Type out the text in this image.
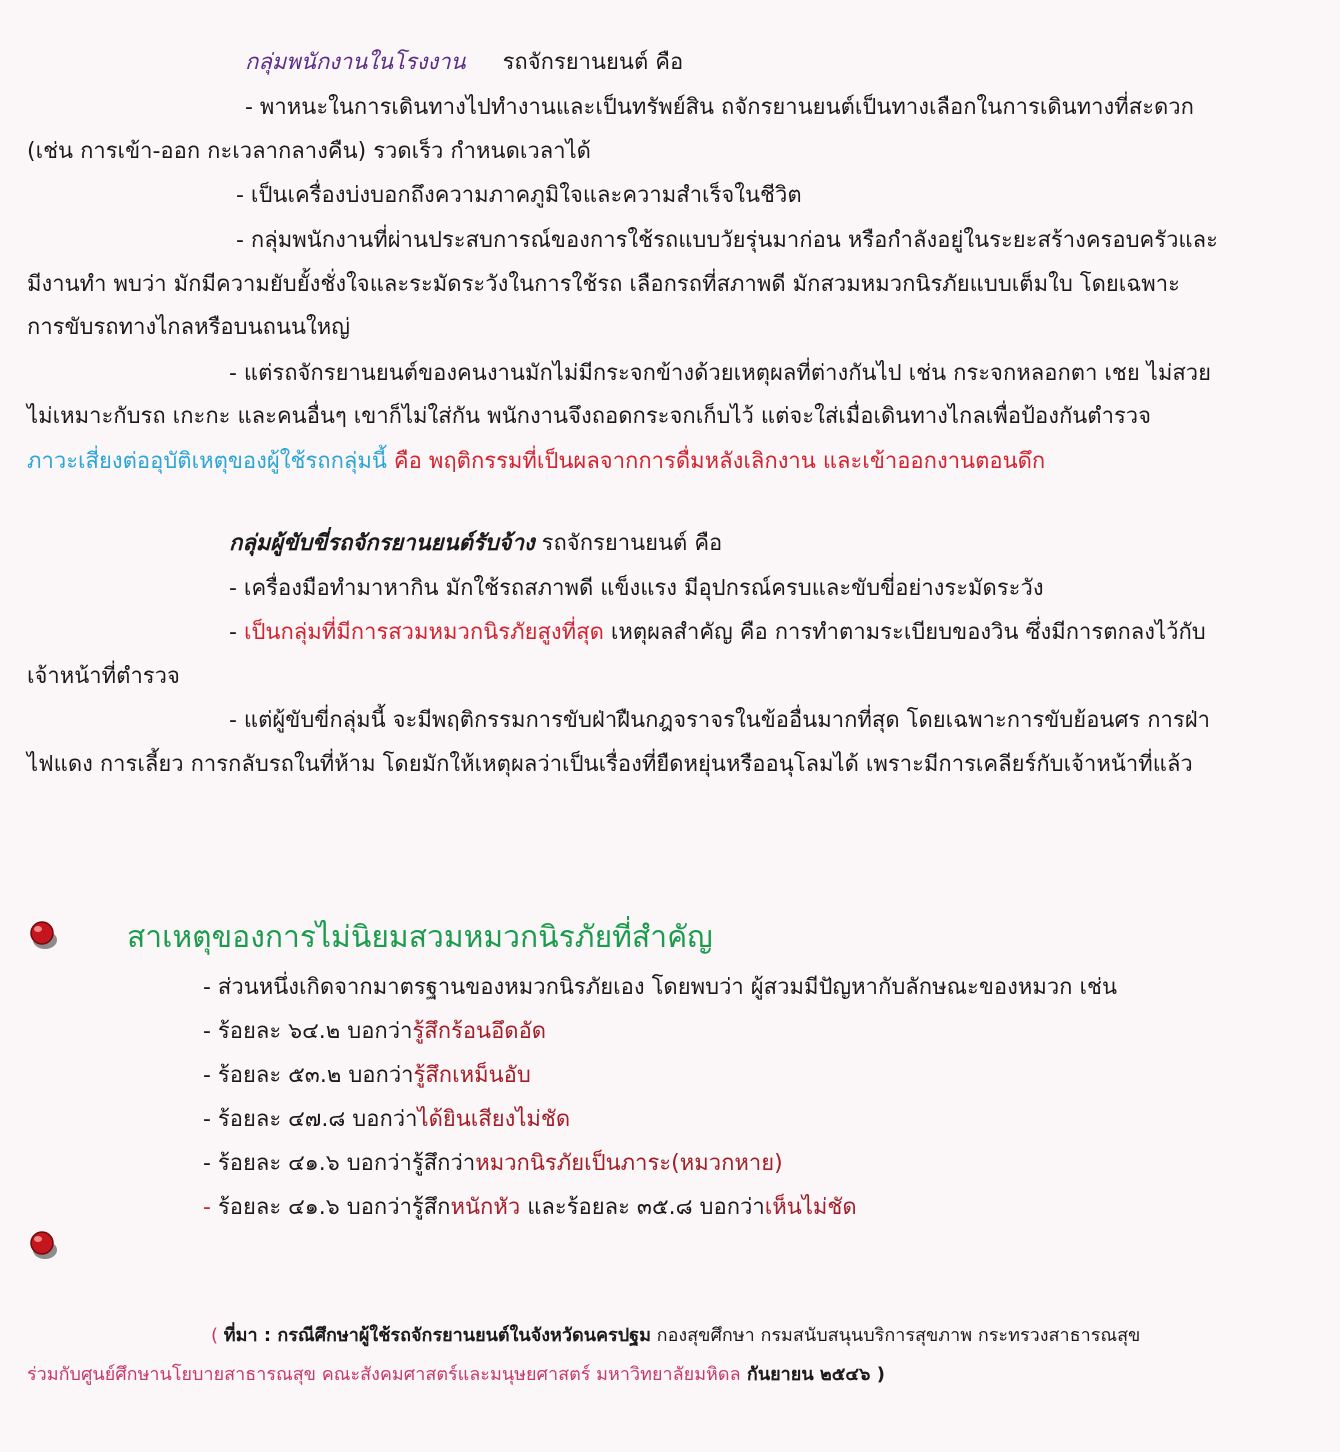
กลุ่มพนักงานในโรงงาน รถจักรยานยนต์ คือ
- พาหนะในการเดินทางไปทำงานและเป็นทรัพย์สิน ถจักรยานยนต์เป็นทางเลือกในการเดินทางที่สะดวก
(เช่น การเข้า-ออก กะเวลากลางคืน) รวดเร็ว กำหนดเวลาได้
- เป็นเครื่องบ่งบอกถึงความภาคภูมิใจและความสำเร็จในชีวิต
- กลุ่มพนักงานที่ผ่านประสบการณ์ของการใช้รถแบบวัยรุ่นมาก่อน หรือกำลังอยู่ในระยะสร้างครอบครัวและ
มีงานทำ พบว่า มักมีความยับยั้งชั่งใจและระมัดระวังในการใช้รถ เลือกรถที่สภาพดี มักสวมหมวกนิรภัยแบบเต็มใบ โดยเฉพาะ
การขับรถทางไกลหรือบนถนนใหญ่
- แต่รถจักรยานยนต์ของคนงานมักไม่มีกระจกข้างด้วยเหตุผลที่ต่างกันไป เช่น กระจกหลอกตา เชย ไม่สวย
ไม่เหมาะกับรถ เกะกะ และคนอื่นๆ เขาก็ไม่ใส่กัน พนักงานจึงถอดกระจกเก็บไว้ แต่จะใส่เมื่อเดินทางไกลเพื่อป้องกันตำรวจ
ภาวะเสี่ยงต่ออุบัติเหตุของผู้ใช้รถกลุ่มนี้ คือ พฤติกรรมที่เป็นผลจากการดื่มหลังเลิกงาน และเข้าออกงานตอนดึก
กลุ่มผู้ขับขี่รถจักรยานยนต์รับจ้าง รถจักรยานยนต์ คือ
- เครื่องมือทำมาหากิน มักใช้รถสภาพดี แข็งแรง มีอุปกรณ์ครบและขับขี่อย่างระมัดระวัง
- เป็นกลุ่มที่มีการสวมหมวกนิรภัยสูงที่สุด เหตุผลสำคัญ คือ การทำตามระเบียบของวิน ซึ่งมีการตกลงไว้กับ
เจ้าหน้าที่ตำรวจ
- แต่ผู้ขับขี่กลุ่มนี้ จะมีพฤติกรรมการขับฝ่าฝืนกฎจราจรในข้ออื่นมากที่สุด โดยเฉพาะการขับย้อนศร การฝ่า
ไฟแดง การเลี้ยว การกลับรถในที่ห้าม โดยมักให้เหตุผลว่าเป็นเรื่องที่ยืดหยุ่นหรืออนุโลมได้ เพราะมีการเคลียร์กับเจ้าหน้าที่แล้ว
สาเหตุของการไม่นิยมสวมหมวกนิรภัยที่สำคัญ
- ส่วนหนึ่งเกิดจากมาตรฐานของหมวกนิรภัยเอง โดยพบว่า ผู้สวมมีปัญหากับลักษณะของหมวก เช่น
- ร้อยละ ๖๔.๒ บอกว่ารู้สึกร้อนอึดอัด
- ร้อยละ ๕๓.๒ บอกว่ารู้สึกเหม็นอับ
- ร้อยละ ๔๗.๘ บอกว่าได้ยินเสียงไม่ชัด
- ร้อยละ ๔๑.๖ บอกว่ารู้สึกว่าหมวกนิรภัยเป็นภาระ(หมวกหาย)
- ร้อยละ ๔๑.๖ บอกว่ารู้สึกหนักหัว และร้อยละ ๓๕.๘ บอกว่าเห็นไม่ชัด
( ที่มา : กรณีศึกษาผู้ใช้รถจักรยานยนต์ในจังหวัดนครปฐม กองสุขศึกษา กรมสนับสนุนบริการสุขภาพ กระทรวงสาธารณสุข
ร่วมกับศูนย์ศึกษานโยบายสาธารณสุข คณะสังคมศาสตร์และมนุษยศาสตร์ มหาวิทยาลัยมหิดล กันยายน ๒๕๔๖ )
